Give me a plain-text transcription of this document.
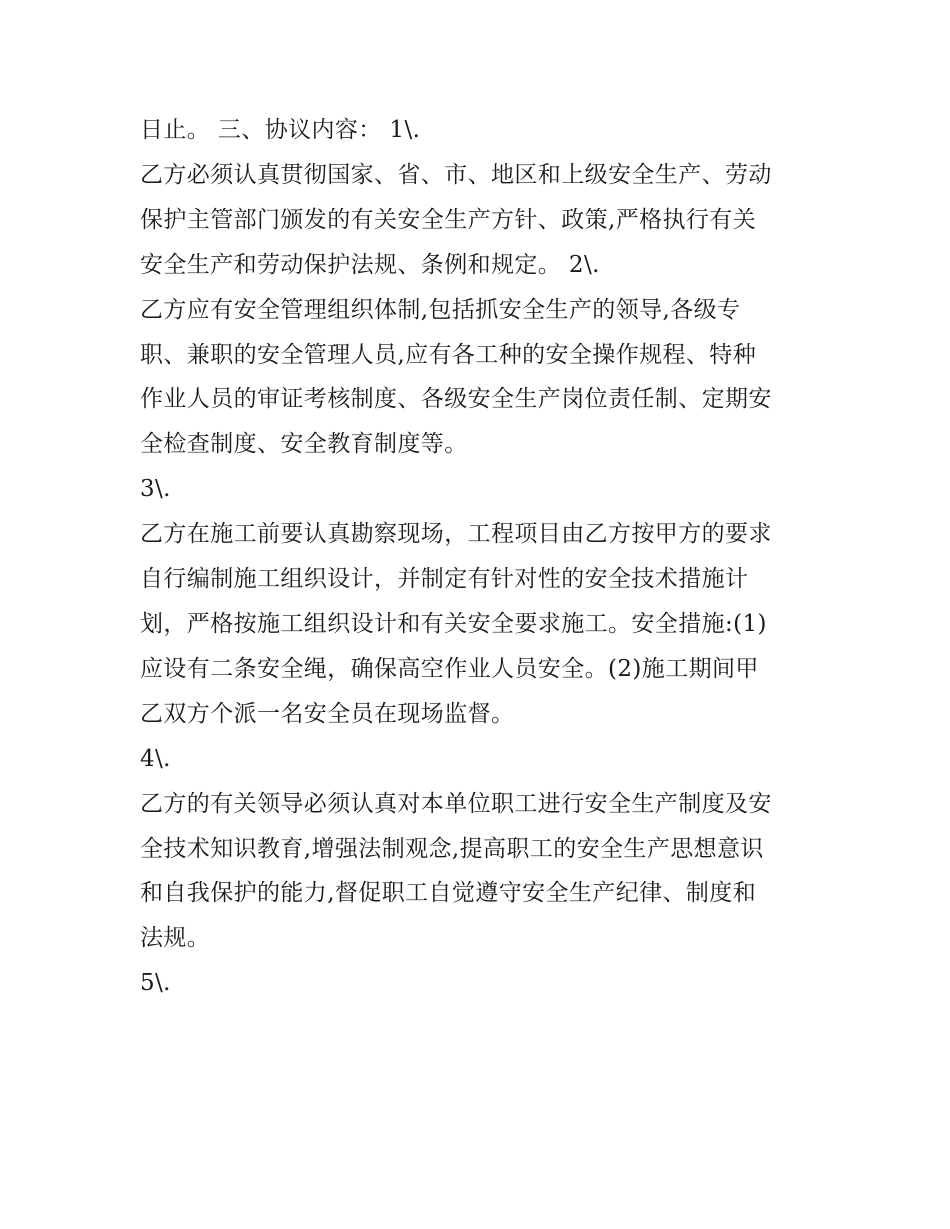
日止。 三、协议内容： 1\.
乙方必须认真贯彻国家、省、市、地区和上级安全生产、劳动
保护主管部门颁发的有关安全生产方针、政策,严格执行有关
安全生产和劳动保护法规、条例和规定。 2\.
乙方应有安全管理组织体制,包括抓安全生产的领导,各级专
职、兼职的安全管理人员,应有各工种的安全操作规程、特种
作业人员的审证考核制度、各级安全生产岗位责任制、定期安
全检查制度、安全教育制度等。
3\.
乙方在施工前要认真勘察现场，工程项目由乙方按甲方的要求
自行编制施工组织设计，并制定有针对性的安全技术措施计
划，严格按施工组织设计和有关安全要求施工。安全措施:(1)
应设有二条安全绳，确保高空作业人员安全。(2)施工期间甲
乙双方个派一名安全员在现场监督。
4\.
乙方的有关领导必须认真对本单位职工进行安全生产制度及安
全技术知识教育,增强法制观念,提高职工的安全生产思想意识
和自我保护的能力,督促职工自觉遵守安全生产纪律、制度和
法规。
5\.
